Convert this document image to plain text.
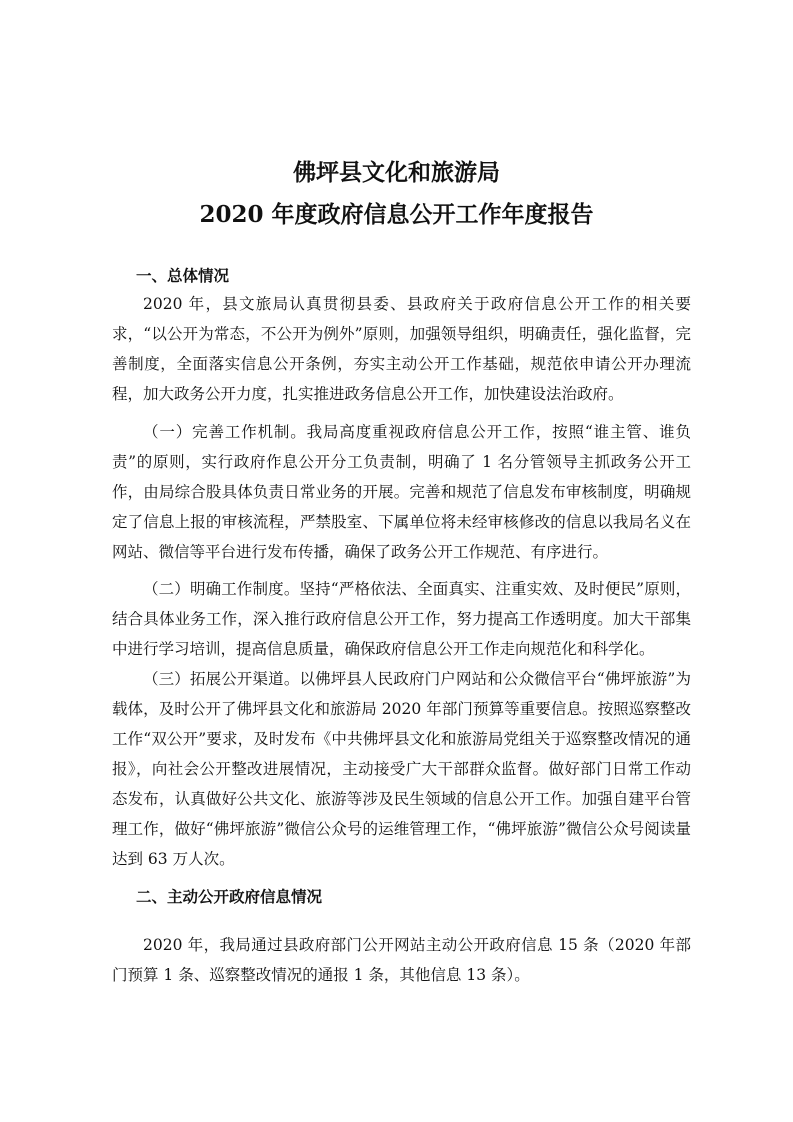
佛坪县文化和旅游局
2020 年度政府信息公开工作年度报告
一、总体情况

2020 年，县文旅局认真贯彻县委、县政府关于政府信息公开工作的相关要求，“以公开为常态，不公开为例外”原则，加强领导组织，明确责任，强化监督，完善制度，全面落实信息公开条例，夯实主动公开工作基础，规范依申请公开办理流程，加大政务公开力度，扎实推进政务信息公开工作，加快建设法治政府。

（一）完善工作机制。我局高度重视政府信息公开工作，按照“谁主管、谁负责”的原则，实行政府作息公开分工负责制，明确了 1 名分管领导主抓政务公开工作，由局综合股具体负责日常业务的开展。完善和规范了信息发布审核制度，明确规定了信息上报的审核流程，严禁股室、下属单位将未经审核修改的信息以我局名义在网站、微信等平台进行发布传播，确保了政务公开工作规范、有序进行。

（二）明确工作制度。坚持“严格依法、全面真实、注重实效、及时便民”原则，结合具体业务工作，深入推行政府信息公开工作，努力提高工作透明度。加大干部集中进行学习培训，提高信息质量，确保政府信息公开工作走向规范化和科学化。

（三）拓展公开渠道。以佛坪县人民政府门户网站和公众微信平台“佛坪旅游”为载体，及时公开了佛坪县文化和旅游局 2020 年部门预算等重要信息。按照巡察整改工作“双公开”要求，及时发布《中共佛坪县文化和旅游局党组关于巡察整改情况的通报》，向社会公开整改进展情况，主动接受广大干部群众监督。做好部门日常工作动态发布，认真做好公共文化、旅游等涉及民生领域的信息公开工作。加强自建平台管理工作，做好“佛坪旅游”微信公众号的运维管理工作，“佛坪旅游”微信公众号阅读量达到 63 万人次。

二、主动公开政府信息情况

2020 年，我局通过县政府部门公开网站主动公开政府信息 15 条（2020 年部门预算 1 条、巡察整改情况的通报 1 条，其他信息 13 条）。
